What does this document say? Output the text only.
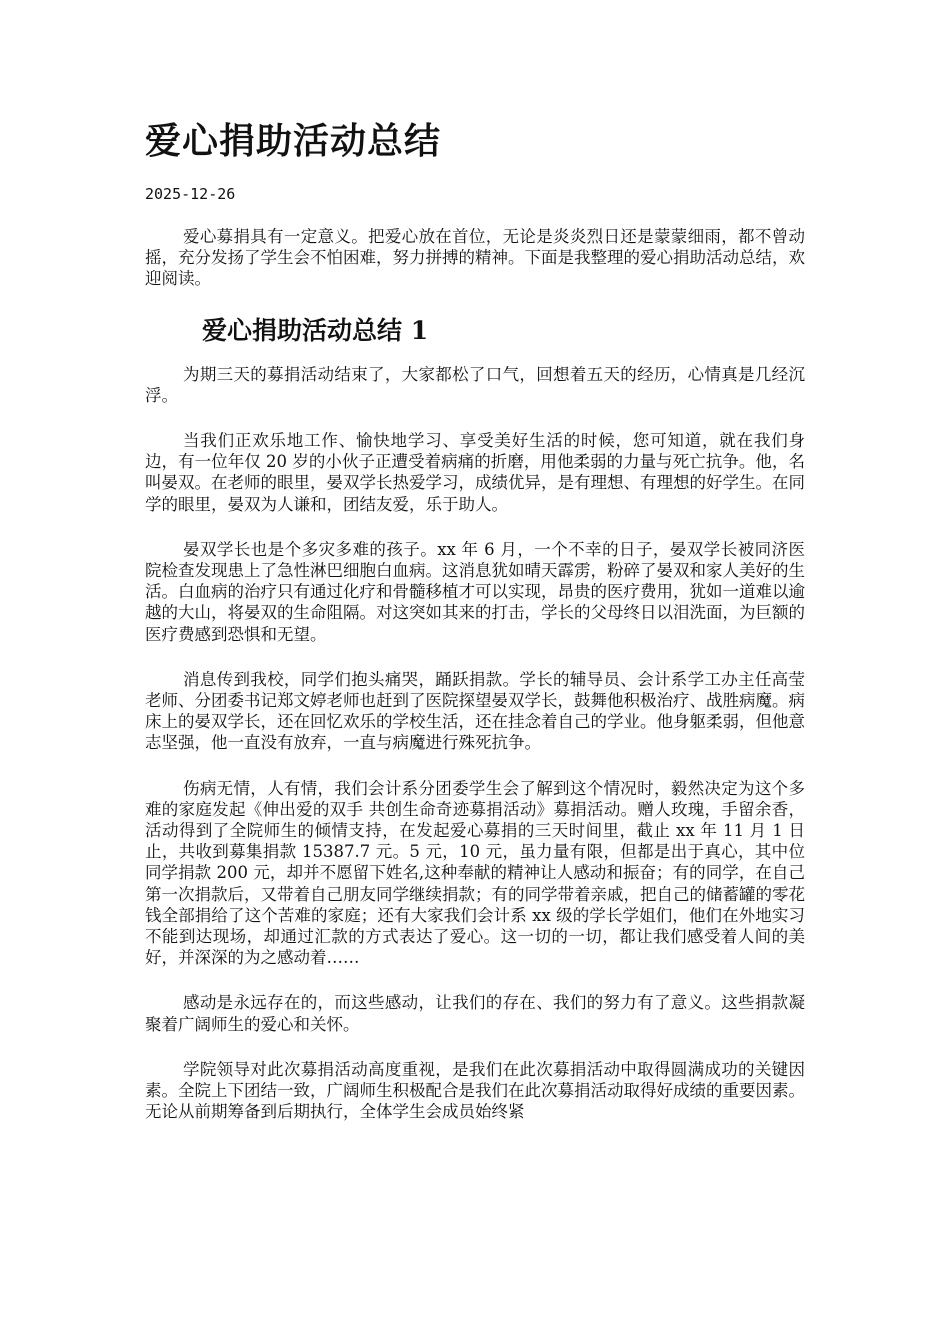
爱心捐助活动总结
2025-12-26

爱心募捐具有一定意义。把爱心放在首位，无论是炎炎烈日还是蒙蒙细雨，都不曾动摇，充分发扬了学生会不怕困难，努力拼搏的精神。下面是我整理的爱心捐助活动总结，欢迎阅读。

爱心捐助活动总结 1

为期三天的募捐活动结束了，大家都松了口气，回想着五天的经历，心情真是几经沉浮。

当我们正欢乐地工作、愉快地学习、享受美好生活的时候，您可知道，就在我们身边，有一位年仅 20 岁的小伙子正遭受着病痛的折磨，用他柔弱的力量与死亡抗争。他，名叫晏双。在老师的眼里，晏双学长热爱学习，成绩优异，是有理想、有理想的好学生。在同学的眼里，晏双为人谦和，团结友爱，乐于助人。

晏双学长也是个多灾多难的孩子。xx 年 6 月，一个不幸的日子，晏双学长被同济医院检查发现患上了急性淋巴细胞白血病。这消息犹如晴天霹雳，粉碎了晏双和家人美好的生活。白血病的治疗只有通过化疗和骨髓移植才可以实现，昂贵的医疗费用，犹如一道难以逾越的大山，将晏双的生命阻隔。对这突如其来的打击，学长的父母终日以泪洗面，为巨额的医疗费感到恐惧和无望。

消息传到我校，同学们抱头痛哭，踊跃捐款。学长的辅导员、会计系学工办主任高莹老师、分团委书记郑文婷老师也赶到了医院探望晏双学长，鼓舞他积极治疗、战胜病魔。病床上的晏双学长，还在回忆欢乐的学校生活，还在挂念着自己的学业。他身躯柔弱，但他意志坚强，他一直没有放弃，一直与病魔进行殊死抗争。

伤病无情，人有情，我们会计系分团委学生会了解到这个情况时，毅然决定为这个多难的家庭发起《伸出爱的双手 共创生命奇迹募捐活动》募捐活动。赠人玫瑰，手留余香，活动得到了全院师生的倾情支持，在发起爱心募捐的三天时间里，截止 xx 年 11 月 1 日止，共收到募集捐款 15387.7 元。5 元，10 元，虽力量有限，但都是出于真心，其中位同学捐款 200 元，却并不愿留下姓名,这种奉献的精神让人感动和振奋；有的同学，在自己第一次捐款后，又带着自己朋友同学继续捐款；有的同学带着亲戚，把自己的储蓄罐的零花钱全部捐给了这个苦难的家庭；还有大家我们会计系 xx 级的学长学姐们，他们在外地实习不能到达现场，却通过汇款的方式表达了爱心。这一切的一切，都让我们感受着人间的美好，并深深的为之感动着……

感动是永远存在的，而这些感动，让我们的存在、我们的努力有了意义。这些捐款凝聚着广阔师生的爱心和关怀。

学院领导对此次募捐活动高度重视，是我们在此次募捐活动中取得圆满成功的关键因素。全院上下团结一致，广阔师生积极配合是我们在此次募捐活动取得好成绩的重要因素。无论从前期筹备到后期执行，全体学生会成员始终紧
